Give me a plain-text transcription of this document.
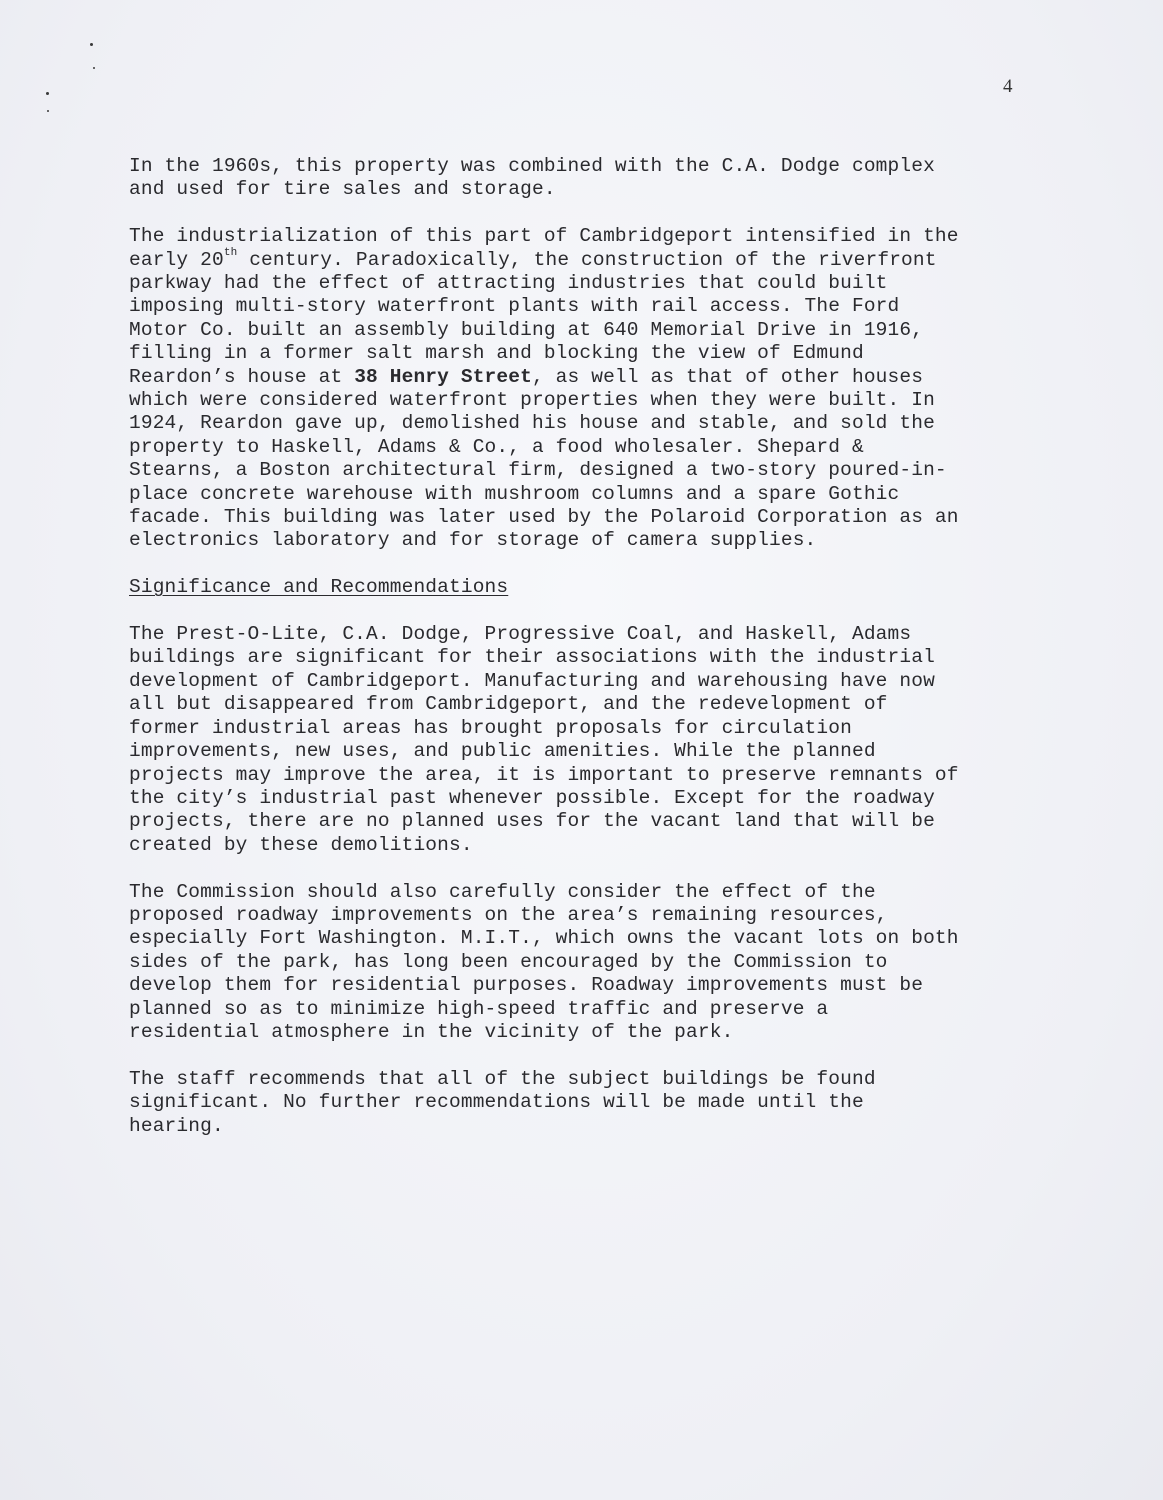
4
In the 1960s, this property was combined with the C.A. Dodge complex
and used for tire sales and storage.
The industrialization of this part of Cambridgeport intensified in the
early 20th century. Paradoxically, the construction of the riverfront
parkway had the effect of attracting industries that could built
imposing multi-story waterfront plants with rail access. The Ford
Motor Co. built an assembly building at 640 Memorial Drive in 1916,
filling in a former salt marsh and blocking the view of Edmund
Reardon’s house at 38 Henry Street, as well as that of other houses
which were considered waterfront properties when they were built. In
1924, Reardon gave up, demolished his house and stable, and sold the
property to Haskell, Adams & Co., a food wholesaler. Shepard &
Stearns, a Boston architectural firm, designed a two-story poured-in-
place concrete warehouse with mushroom columns and a spare Gothic
facade. This building was later used by the Polaroid Corporation as an
electronics laboratory and for storage of camera supplies.
Significance and Recommendations
The Prest-O-Lite, C.A. Dodge, Progressive Coal, and Haskell, Adams
buildings are significant for their associations with the industrial
development of Cambridgeport. Manufacturing and warehousing have now
all but disappeared from Cambridgeport, and the redevelopment of
former industrial areas has brought proposals for circulation
improvements, new uses, and public amenities. While the planned
projects may improve the area, it is important to preserve remnants of
the city’s industrial past whenever possible. Except for the roadway
projects, there are no planned uses for the vacant land that will be
created by these demolitions.
The Commission should also carefully consider the effect of the
proposed roadway improvements on the area’s remaining resources,
especially Fort Washington. M.I.T., which owns the vacant lots on both
sides of the park, has long been encouraged by the Commission to
develop them for residential purposes. Roadway improvements must be
planned so as to minimize high-speed traffic and preserve a
residential atmosphere in the vicinity of the park.
The staff recommends that all of the subject buildings be found
significant. No further recommendations will be made until the
hearing.
